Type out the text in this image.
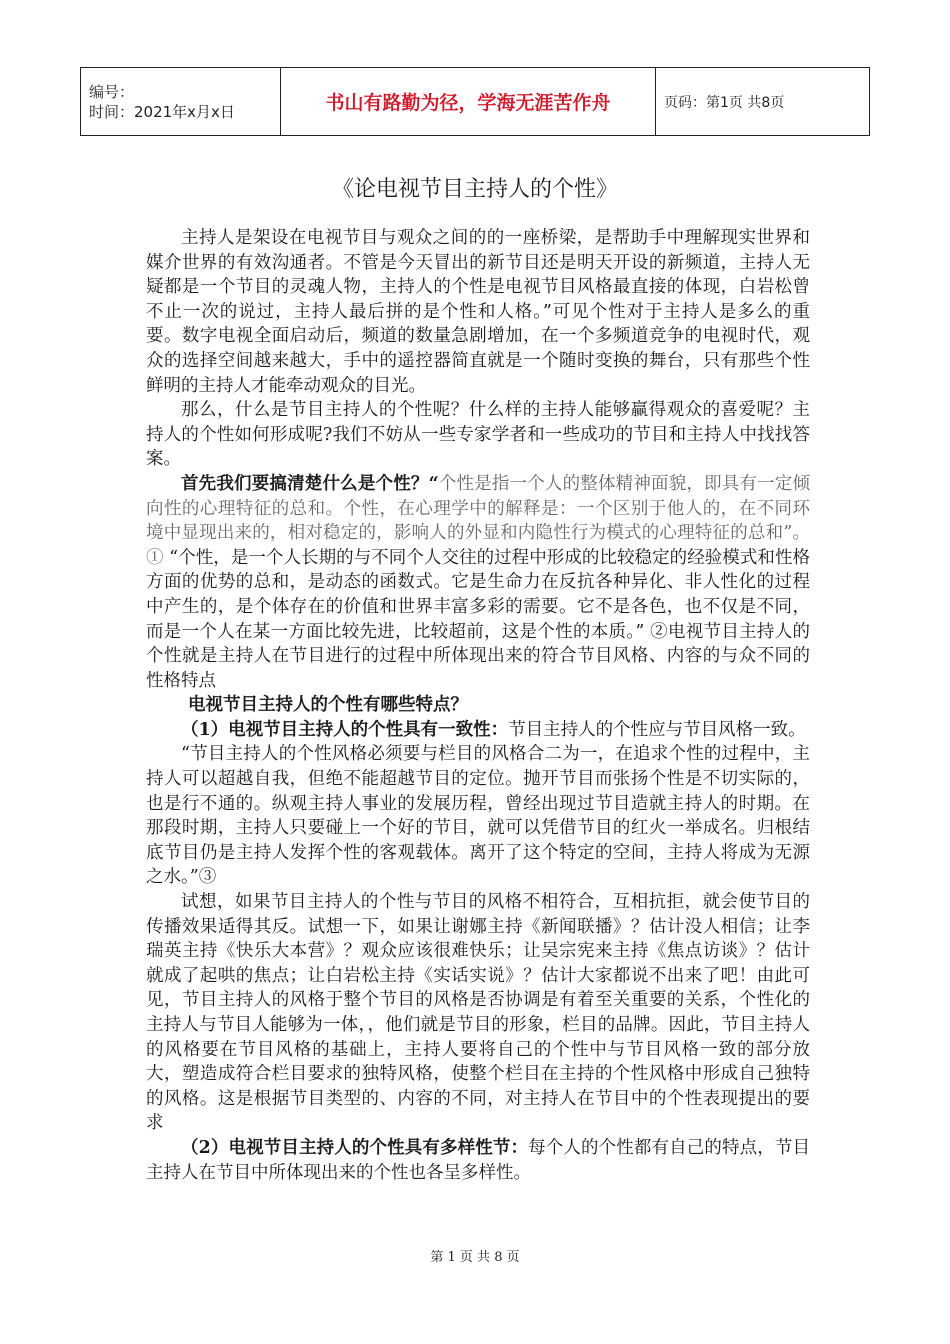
编号：
时间：2021年x月x日	书山有路勤为径，学海无涯苦作舟	页码：第1页 共8页
《论电视节目主持人的个性》

主持人是架设在电视节目与观众之间的的一座桥梁，是帮助手中理解现实世界和媒介世界的有效沟通者。不管是今天冒出的新节目还是明天开设的新频道，主持人无疑都是一个节目的灵魂人物，主持人的个性是电视节目风格最直接的体现，白岩松曾不止一次的说过，主持人最后拼的是个性和人格。”可见个性对于主持人是多么的重要。数字电视全面启动后，频道的数量急剧增加，在一个多频道竞争的电视时代，观众的选择空间越来越大，手中的遥控器简直就是一个随时变换的舞台，只有那些个性鲜明的主持人才能牵动观众的目光。

那么，什么是节目主持人的个性呢？什么样的主持人能够赢得观众的喜爱呢？主持人的个性如何形成呢?我们不妨从一些专家学者和一些成功的节目和主持人中找找答案。

首先我们要搞清楚什么是个性？“个性是指一个人的整体精神面貌，即具有一定倾向性的心理特征的总和。个性，在心理学中的解释是：一个区别于他人的，在不同环境中显现出来的，相对稳定的，影响人的外显和内隐性行为模式的心理特征的总和”。① “个性，是一个人长期的与不同个人交往的过程中形成的比较稳定的经验模式和性格方面的优势的总和，是动态的函数式。它是生命力在反抗各种异化、非人性化的过程中产生的，是个体存在的价值和世界丰富多彩的需要。它不是各色，也不仅是不同，而是一个人在某一方面比较先进，比较超前，这是个性的本质。” ②电视节目主持人的个性就是主持人在节目进行的过程中所体现出来的符合节目风格、内容的与众不同的性格特点

电视节目主持人的个性有哪些特点？

（1）电视节目主持人的个性具有一致性：节目主持人的个性应与节目风格一致。

“节目主持人的个性风格必须要与栏目的风格合二为一，在追求个性的过程中，主持人可以超越自我，但绝不能超越节目的定位。抛开节目而张扬个性是不切实际的，也是行不通的。纵观主持人事业的发展历程，曾经出现过节目造就主持人的时期。在那段时期，主持人只要碰上一个好的节目，就可以凭借节目的红火一举成名。归根结底节目仍是主持人发挥个性的客观载体。离开了这个特定的空间，主持人将成为无源之水。”③

试想，如果节目主持人的个性与节目的风格不相符合，互相抗拒，就会使节目的传播效果适得其反。试想一下，如果让谢娜主持《新闻联播》？估计没人相信；让李瑞英主持《快乐大本营》？观众应该很难快乐；让吴宗宪来主持《焦点访谈》？估计就成了起哄的焦点；让白岩松主持《实话实说》？估计大家都说不出来了吧！由此可见，节目主持人的风格于整个节目的风格是否协调是有着至关重要的关系，个性化的主持人与节目人能够为一体，，他们就是节目的形象，栏目的品牌。因此，节目主持人的风格要在节目风格的基础上，主持人要将自己的个性中与节目风格一致的部分放大，塑造成符合栏目要求的独特风格，使整个栏目在主持的个性风格中形成自己独特的风格。这是根据节目类型的、内容的不同，对主持人在节目中的个性表现提出的要求

（2）电视节目主持人的个性具有多样性节：每个人的个性都有自己的特点，节目主持人在节目中所体现出来的个性也各呈多样性。

第 1 页 共 8 页
